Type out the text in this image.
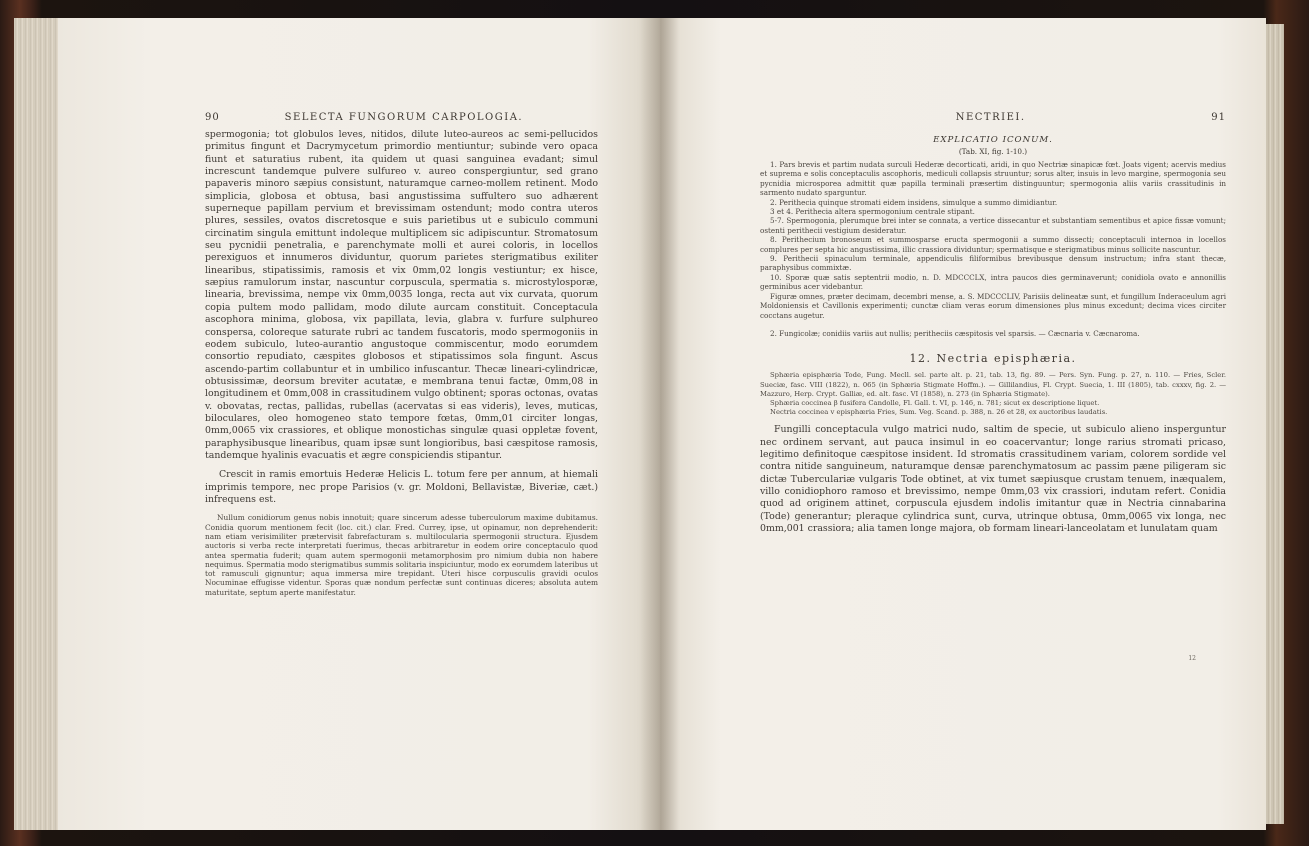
90	SELECTA FUNGORUM CARPOLOGIA.

spermogonia; tot globulos leves, nitidos, dilute luteo-aureos ac semi-pellucidos primitus fingunt et Dacrymycetum primordio mentiuntur; subinde vero opaca fiunt et saturatius rubent, ita quidem ut quasi sanguinea evadant; simul increscunt tandemque pulvere sulfureo v. aureo conspergiuntur, sed grano papaveris minoro sæpius consistunt, naturamque carneo-mollem retinent. Modo simplicia, globosa et obtusa, basi angustissima suffultero suo adhærent superneque papillam pervium et brevissimam ostendunt; modo contra uteros plures, sessiles, ovatos discretosque e suis parietibus ut e subiculo communi circinatim singula emittunt indoleque multiplicem sic adipiscuntur. Stromatosum seu pycnidii penetralia, e parenchymate molli et aurei coloris, in locellos perexiguos et innumeros dividuntur, quorum parietes sterigmatibus exiliter linearibus, stipatissimis, ramosis et vix 0mm,02 longis vestiuntur; ex hisce, sæpius ramulorum instar, nascuntur corpuscula, spermatia s. microstylosporæ, linearia, brevissima, nempe vix 0mm,0035 longa, recta aut vix curvata, quorum copia pultem modo pallidam, modo dilute aurcam constituit. Conceptacula ascophora minima, globosa, vix papillata, levia, glabra v. furfure sulphureo conspersa, coloreque saturate rubri ac tandem fuscatoris, modo spermogoniis in eodem subiculo, luteo-aurantio angustoque commiscentur, modo eorumdem consortio repudiato, cæspites globosos et stipatissimos sola fingunt. Ascus ascendo-partim collabuntur et in umbilico infuscantur. Thecæ lineari-cylindricæ, obtusissimæ, deorsum breviter acutatæ, e membrana tenui factæ, 0mm,08 in longitudinem et 0mm,008 in crassitudinem vulgo obtinent; sporas octonas, ovatas v. obovatas, rectas, pallidas, rubellas (acervatas si eas videris), leves, muticas, biloculares, oleo homogeneo stato tempore fœtas, 0mm,01 circiter longas, 0mm,0065 vix crassiores, et oblique monostichas singulæ quasi oppletæ fovent, paraphysibusque linearibus, quam ipsæ sunt longioribus, basi cæspitose ramosis, tandemque hyalinis evacuatis et ægre conspiciendis stipantur.

Crescit in ramis emortuis Hederæ Helicis L. totum fere per annum, at hiemali imprimis tempore, nec prope Parisios (v. gr. Moldoni, Bellavistæ, Biveriæ, cæt.) infrequens est.

Nullum conidiorum genus nobis innotuit; quare sincerum adesse tuberculorum maxime dubitamus. Conidia quorum mentionem fecit (loc. cit.) clar. Fred. Currey, ipse, ut opinamur, non deprehenderit: nam etiam verisimiliter prætervisit fabrefacturam s. multilocularia spermogonii structura. Ejusdem auctoris si verba recte interpretati fuerimus, thecas arbitraretur in eodem orire conceptaculo quod antea spermatia fuderit; quam autem spermogonii metamorphosim pro nimium dubia non habere nequimus. Spermatia modo sterigmatibus summis solitaria inspiciuntur, modo ex eorumdem lateribus ut tot ramusculi gignuntur; aqua immersa mire trepidant. Uteri hisce corpusculis gravidi oculos Nocuminae effugisse videntur. Sporas quæ nondum perfectæ sunt continuas diceres; absoluta autem maturitate, septum aperte manifestatur.

NECTRIEI.	91
EXPLICATIO ICONUM.
(Tab. XI, fig. 1-10.)

1. Pars brevis et partim nudata surculi Hederæ decorticati, aridi, in quo Nectriæ sinapicæ fœt. Joats vigent; acervis medius et suprema e solis conceptaculis ascophoris, mediculi collapsis struuntur; sorus alter, insuis in levo margine, spermogonia seu pycnidia microsporea admittit quæ papilla terminali præsertim distinguuntur; spermogonia aliis variis crassitudinis in sarmento nudato sparguntur.

2. Perithecia quinque stromati eidem insidens, simulque a summo dimidiantur.

3 et 4. Perithecia altera spermogonium centrale stipant.

5-7. Spermogonia, plerumque brei inter se connata, a vertice dissecantur et substantiam sementibus et apice fissæ vomunt; ostenti perithecii vestigium desideratur.

8. Perithecium bronoseum et summosparse eructa spermogonii a summo dissecti; conceptaculi internoa in locellos complures per septa hic angustissima, illic crassiora dividuntur; spermatisque e sterigmatibus minus sollicite nascuntur.

9. Perithecii spinaculum terminale, appendiculis filiformibus brevibusque densum instructum; infra stant thecæ, paraphysibus commixtæ.

10. Sporæ quæ satis septentrii modio, n. D. MDCCCLX, intra paucos dies germinaverunt; conidiola ovato e annonillis germinibus acer videbantur.

Figuræ omnes, præter decimam, decembri mense, a. S. MDCCCLIV, Parisiis delineatæ sunt, et fungillum Inderaceulum agri Moldoniensis et Cavillonis experimenti; cunctæ cliam veras eorum dimensiones plus minus excedunt; decima vices circiter cocctans augetur.

2. Fungicolæ; conidiis variis aut nullis; peritheciis cæspitosis vel sparsis. — Cæcnaria v. Cæcnaroma.

12. Nectria episphæria.

Sphæria episphæria Tode, Fung. Mecll. sel. parte alt. p. 21, tab. 13, fig. 89. — Pers. Syn. Fung. p. 27, n. 110. — Fries, Scler. Sueciæ, fasc. VIII (1822), n. 065 (in Sphæria Stigmate Hoffm.). — Gillilandius, Fl. Crypt. Suecia, 1. III (1805), tab. cxxxv, fig. 2. — Mazzuro, Herp. Crypt. Galliæ, ed. alt. fasc. VI (1858), n. 273 (in Sphæria Stigmate).

Sphæria coccinea β fusifera Candolle, Fl. Gall. t. VI, p. 146, n. 781; sicut ex descriptione liquet.

Nectria coccinea v episphæria Fries, Sum. Veg. Scand. p. 388, n. 26 et 28, ex auctoribus laudatis.

Fungilli conceptacula vulgo matrici nudo, saltim de specie, ut subiculo alieno insperguntur nec ordinem servant, aut pauca insimul in eo coacervantur; longe rarius stromati pricaso, legitimo definitoque cæspitose insident. Id stromatis crassitudinem variam, colorem sordide vel contra nitide sanguineum, naturamque densæ parenchymatosum ac passim pæne piligeram sic dictæ Tuberculariæ vulgaris Tode obtinet, at vix tumet sæpiusque crustam tenuem, inæqualem, villo conidiophoro ramoso et brevissimo, nempe 0mm,03 vix crassiori, indutam refert. Conidia quod ad originem attinet, corpuscula ejusdem indolis imitantur quæ in Nectria cinnabarina (Tode) generantur; pleraque cylindrica sunt, curva, utrinque obtusa, 0mm,0065 vix longa, nec 0mm,001 crassiora; alia tamen longe majora, ob formam lineari-lanceolatam et lunulatam quam

12
